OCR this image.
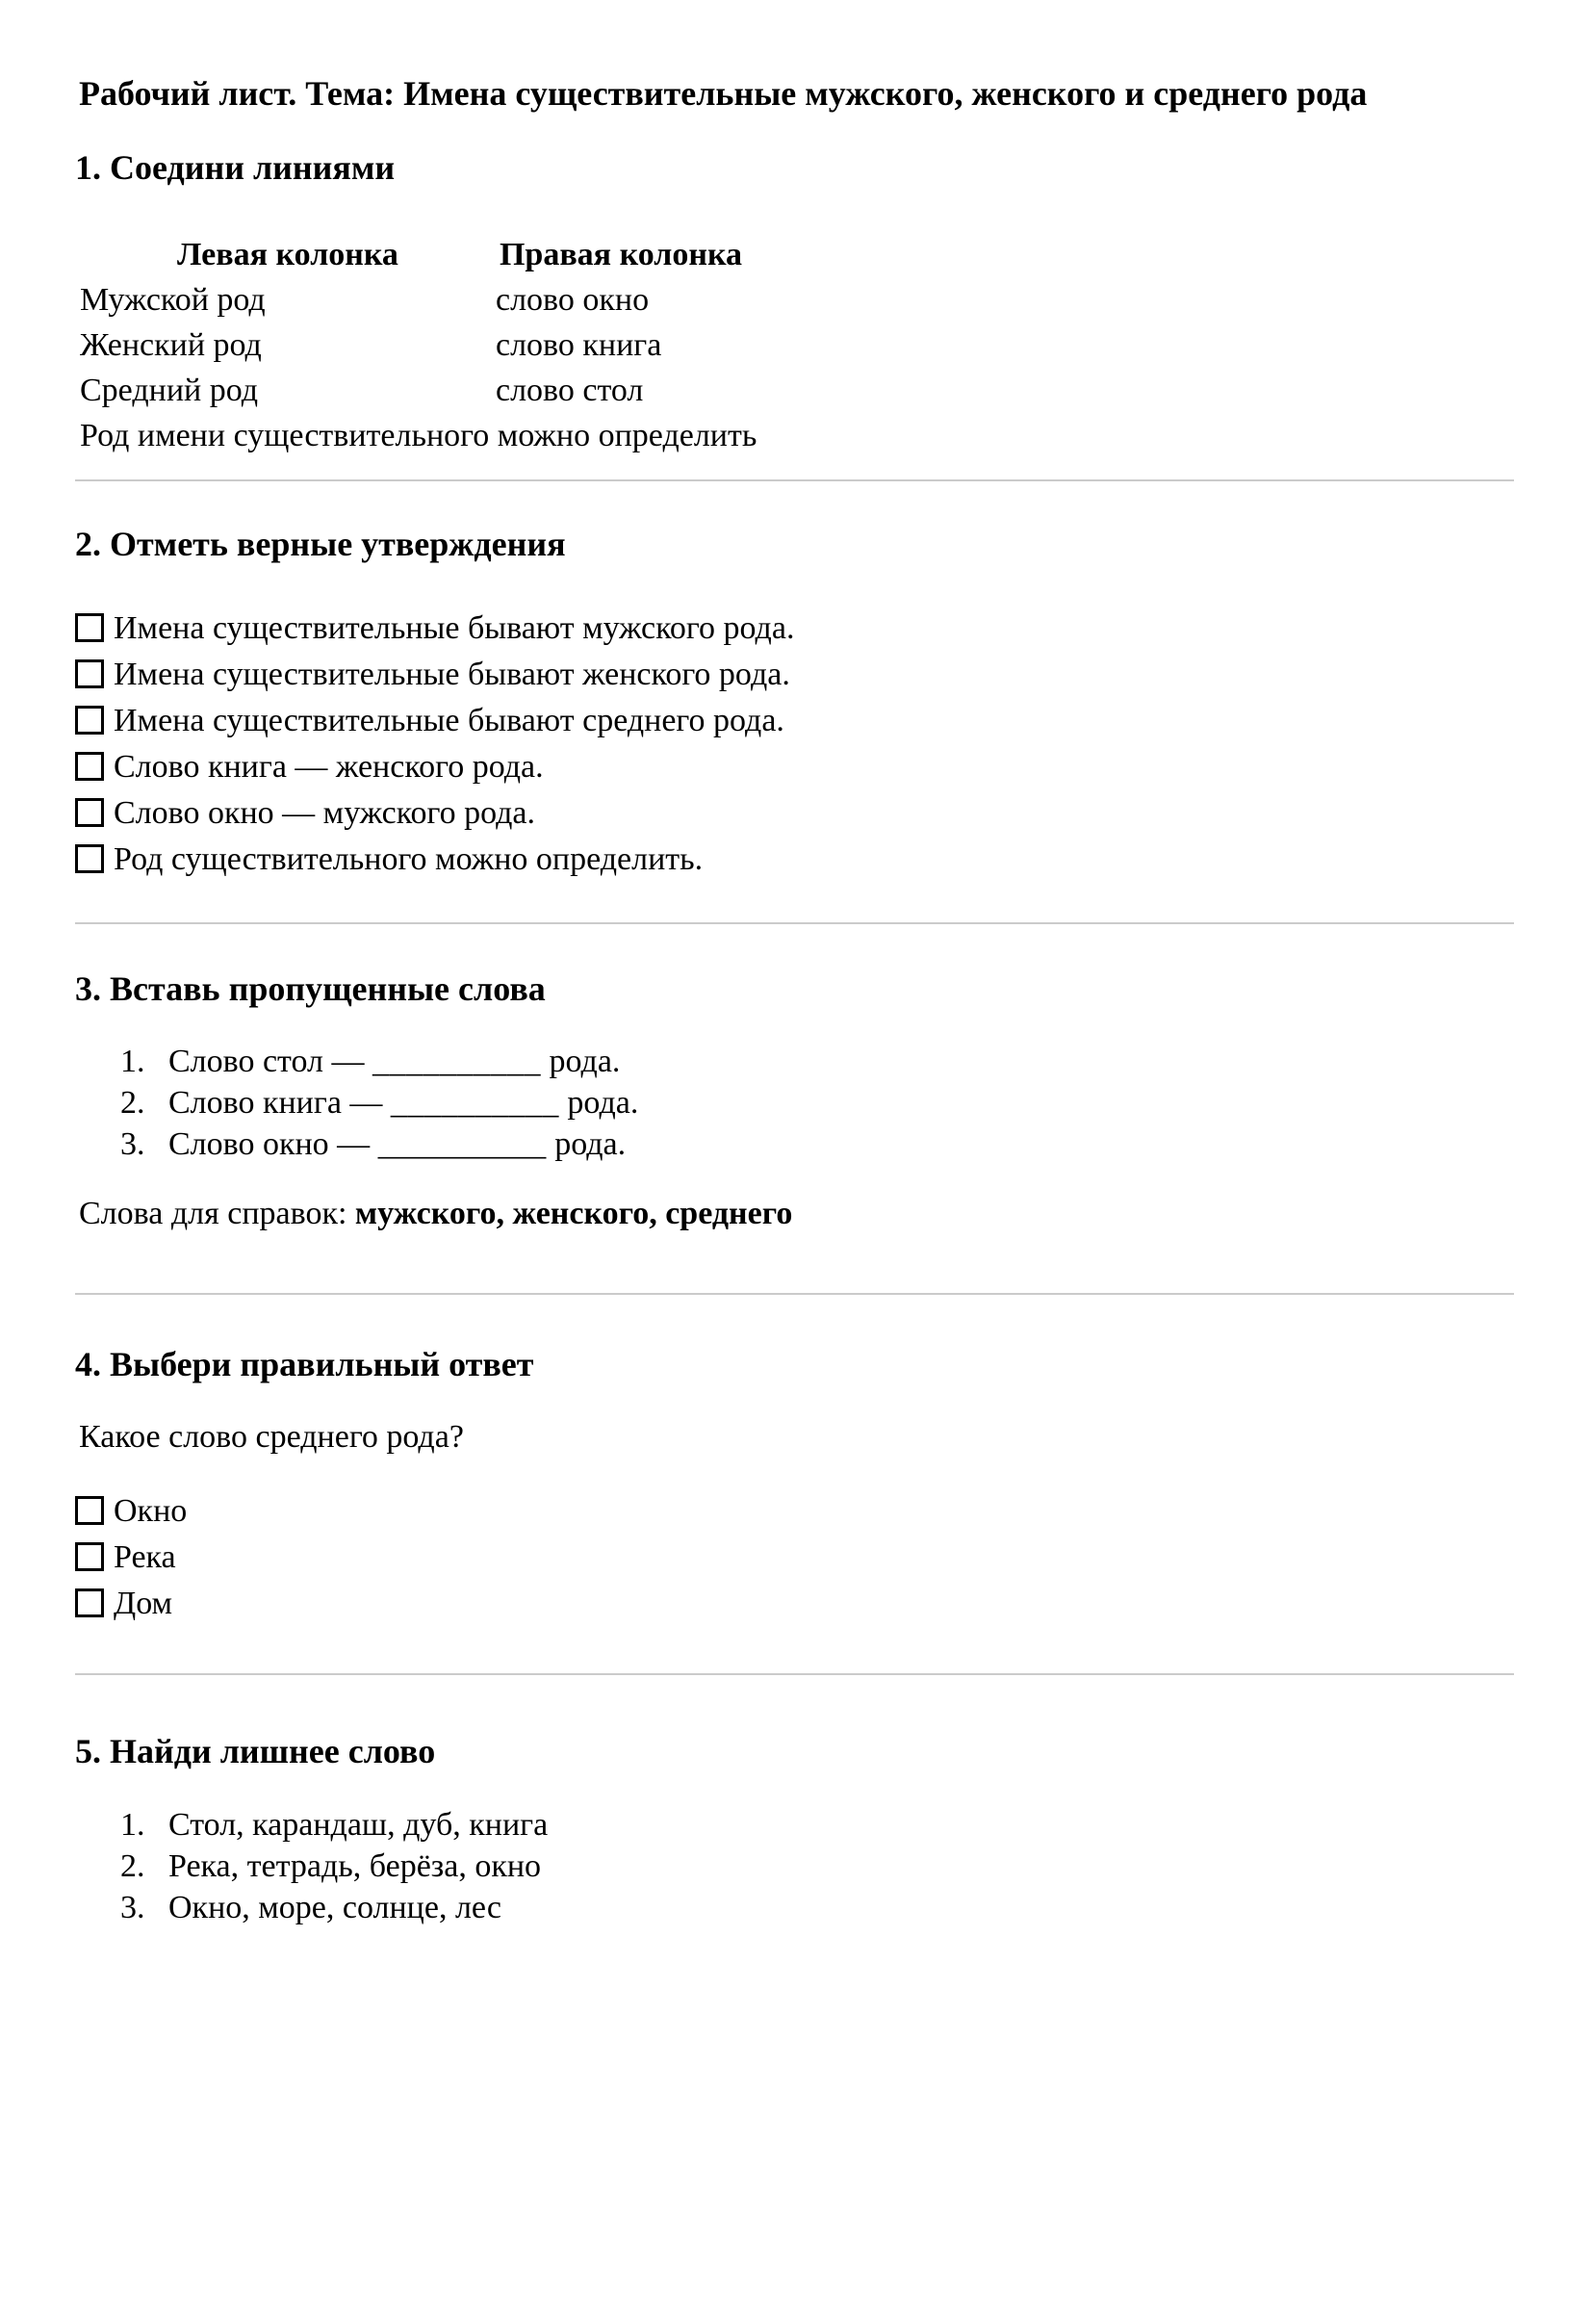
Рабочий лист. Тема: Имена существительные мужского, женского и среднего рода
1. Соедини линиями
Левая колонка	Правая колонка
Мужской род	слово окно
Женский род	слово книга
Средний род	слово стол
Род имени существительного можно определить
2. Отметь верные утверждения
Имена существительные бывают мужского рода.
Имена существительные бывают женского рода.
Имена существительные бывают среднего рода.
Слово книга — женского рода.
Слово окно — мужского рода.
Род существительного можно определить.
3. Вставь пропущенные слова
1. Слово стол — __________ рода.
2. Слово книга — __________ рода.
3. Слово окно — __________ рода.
Слова для справок: мужского, женского, среднего
4. Выбери правильный ответ
Какое слово среднего рода?
Окно
Река
Дом
5. Найди лишнее слово
1. Стол, карандаш, дуб, книга
2. Река, тетрадь, берёза, окно
3. Окно, море, солнце, лес
